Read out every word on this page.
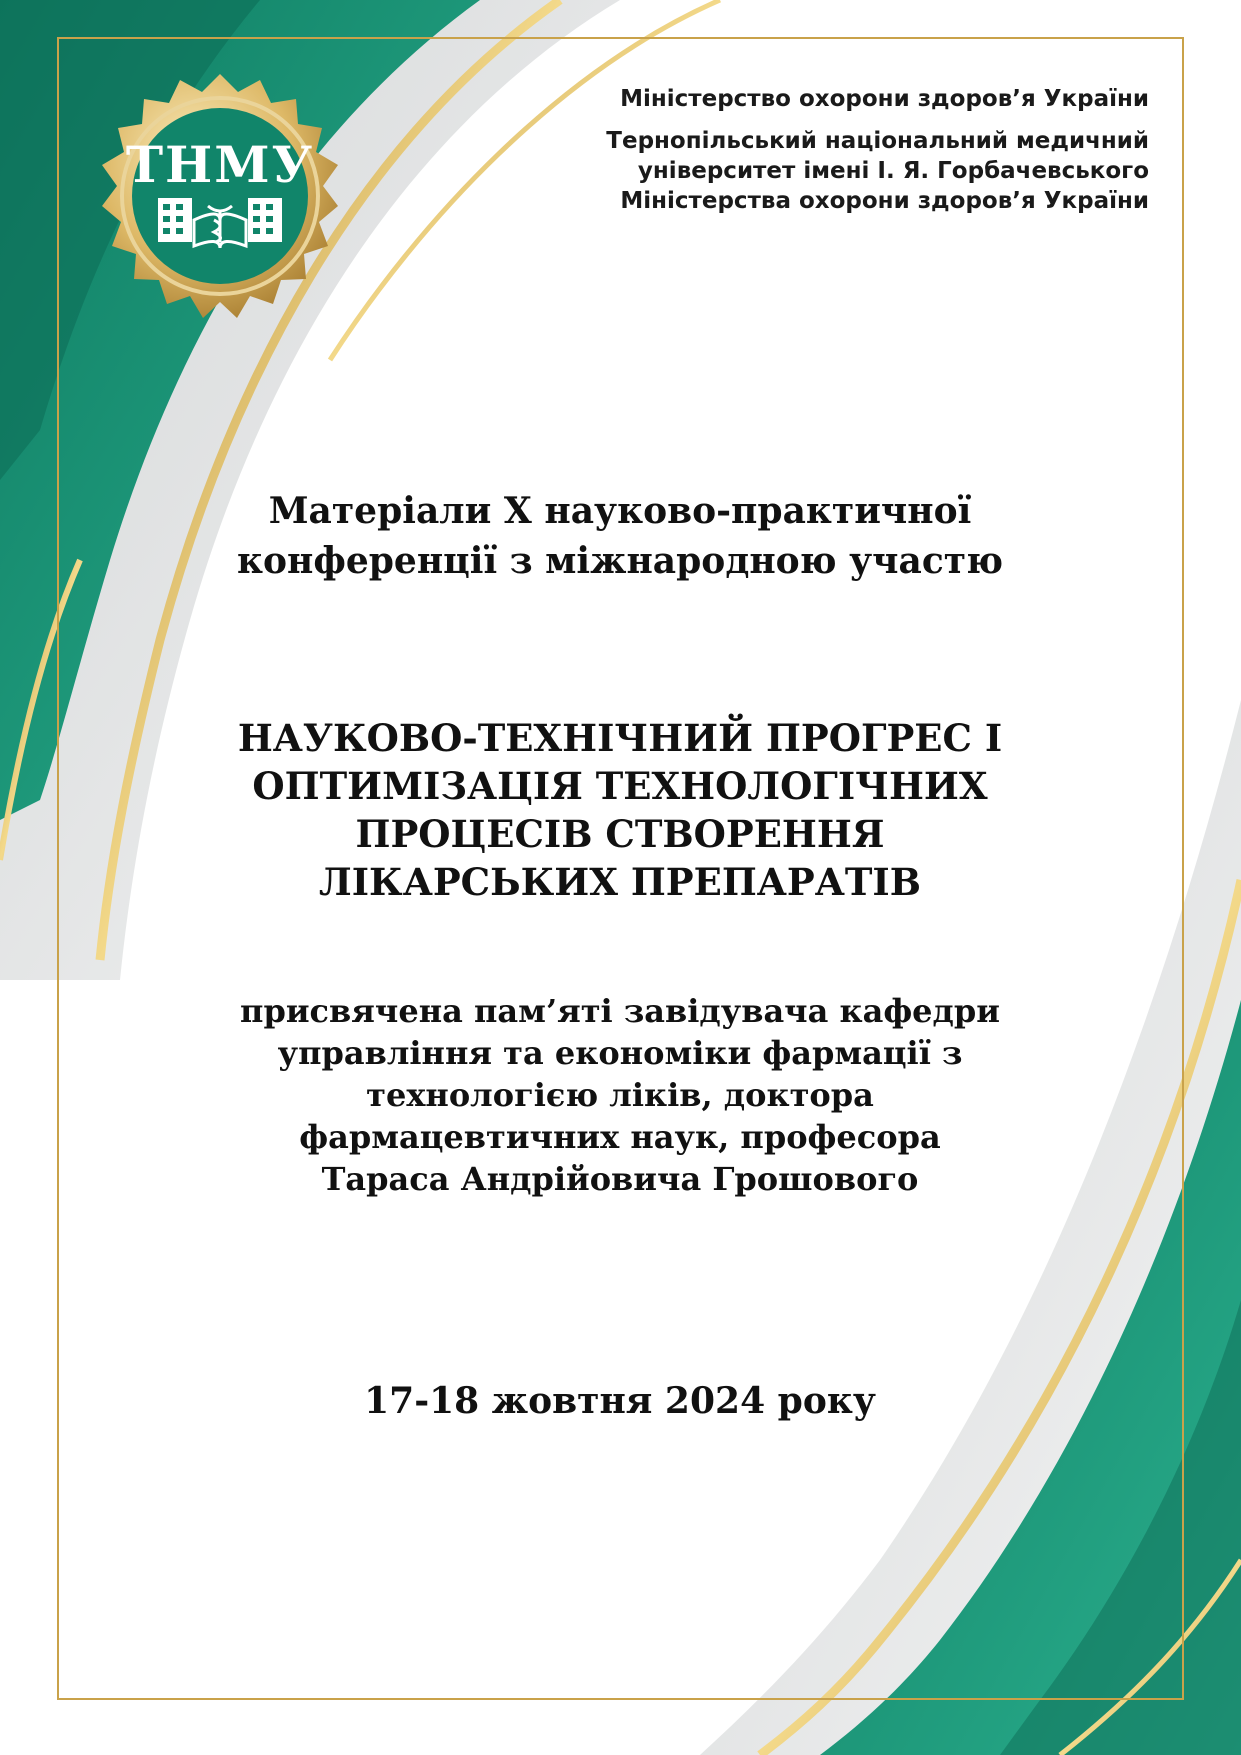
ТНМУ
Міністерство охорони здоров’я України
Тернопільський національний медичний
університет імені І. Я. Горбачевського
Міністерства охорони здоров’я України
Матеріали X науково-практичної
конференції з міжнародною участю
НАУКОВО-ТЕХНІЧНИЙ ПРОГРЕС І
ОПТИМІЗАЦІЯ ТЕХНОЛОГІЧНИХ
ПРОЦЕСІВ СТВОРЕННЯ
ЛІКАРСЬКИХ ПРЕПАРАТІВ
присвячена пам’яті завідувача кафедри
управління та економіки фармації з
технологією ліків, доктора
фармацевтичних наук, професора
Тараса Андрійовича Грошового
17-18 жовтня 2024 року
